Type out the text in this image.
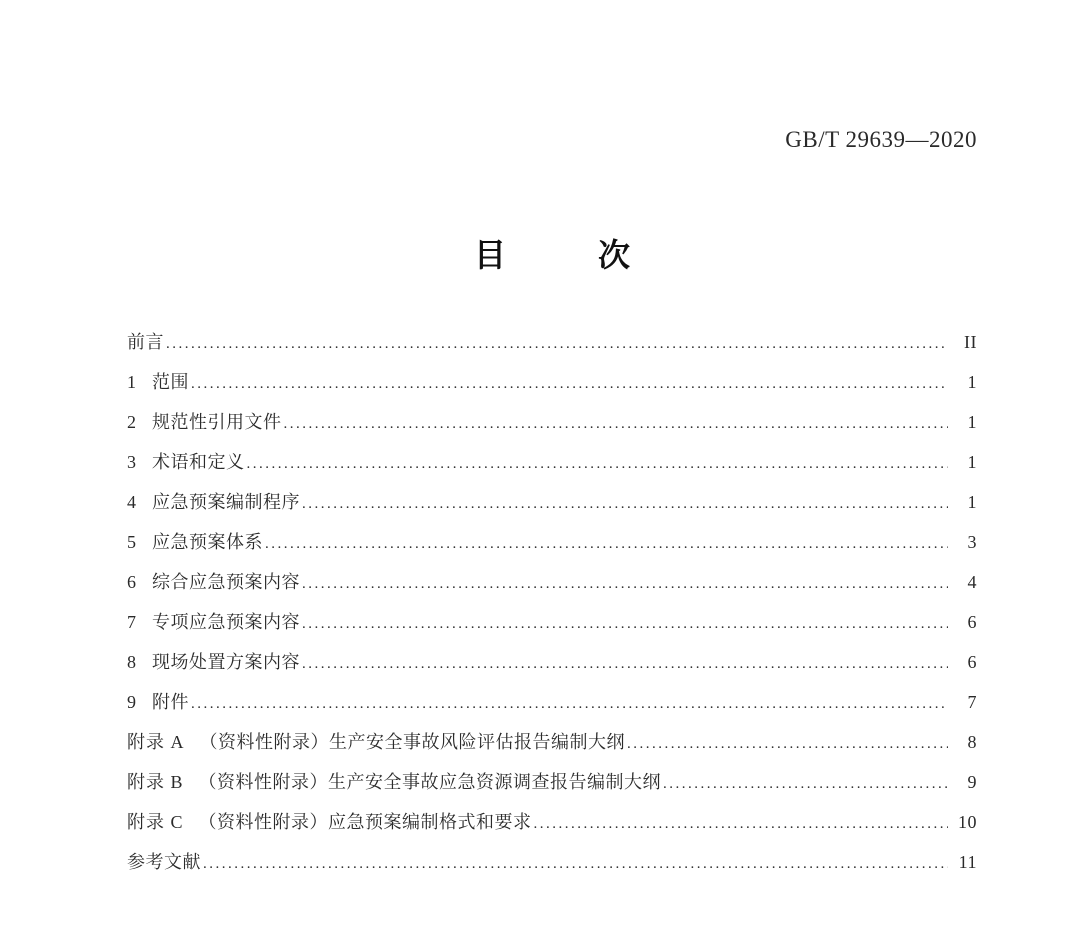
GB/T 29639—2020
目 次
前言 .....	II
1 范围 .....	1
2 规范性引用文件 .....	1
3 术语和定义 .....	1
4 应急预案编制程序 .....	1
5 应急预案体系 .....	3
6 综合应急预案内容 .....	4
7 专项应急预案内容 .....	6
8 现场处置方案内容 .....	6
9 附件 .....	7
附录 A （资料性附录）生产安全事故风险评估报告编制大纲 .....	8
附录 B （资料性附录）生产安全事故应急资源调查报告编制大纲 .....	9
附录 C （资料性附录）应急预案编制格式和要求 .....	10
参考文献 .....	11
